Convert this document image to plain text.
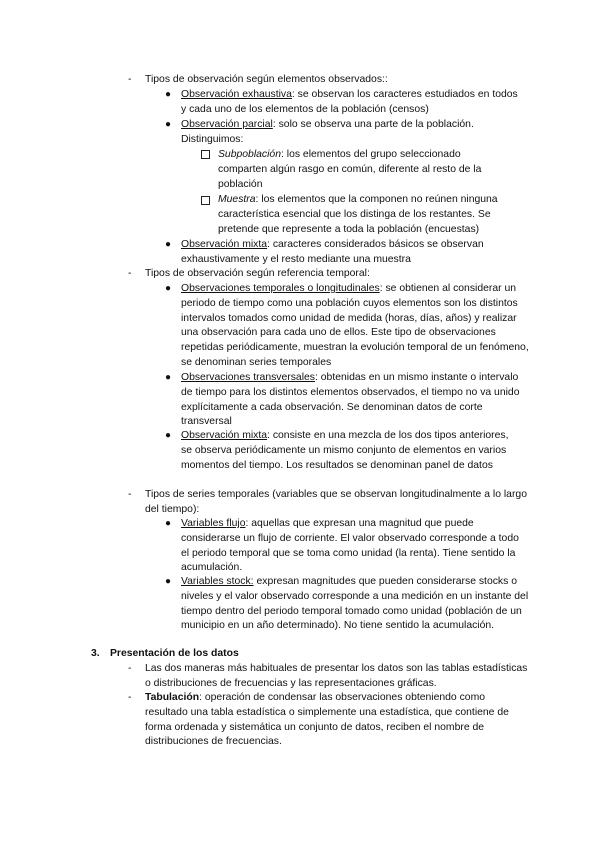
-

Tipos de observación según elementos observados::

● Observación exhaustiva: se observan los caracteres estudiados en todos y cada uno de los elementos de la población (censos)

● Observación parcial: solo se observa una parte de la población. Distinguimos:

Subpoblación: los elementos del grupo seleccionado comparten algún rasgo en común, diferente al resto de la población

Muestra: los elementos que la componen no reúnen ninguna característica esencial que los distinga de los restantes. Se pretende que represente a toda la población (encuestas)

● Observación mixta: caracteres considerados básicos se observan exhaustivamente y el resto mediante una muestra

-

Tipos de observación según referencia temporal:

● Observaciones temporales o longitudinales: se obtienen al considerar un periodo de tiempo como una población cuyos elementos son los distintos intervalos tomados como unidad de medida (horas, días, años) y realizar una observación para cada uno de ellos. Este tipo de observaciones repetidas periódicamente, muestran la evolución temporal de un fenómeno, se denominan series temporales

● Observaciones transversales: obtenidas en un mismo instante o intervalo de tiempo para los distintos elementos observados, el tiempo no va unido explícitamente a cada observación. Se denominan datos de corte transversal

● Observación mixta: consiste en una mezcla de los dos tipos anteriores, se observa periódicamente un mismo conjunto de elementos en varios momentos del tiempo. Los resultados se denominan panel de datos

-

Tipos de series temporales (variables que se observan longitudinalmente a lo largo del tiempo):

● Variables flujo: aquellas que expresan una magnitud que puede considerarse un flujo de corriente. El valor observado corresponde a todo el periodo temporal que se toma como unidad (la renta). Tiene sentido la acumulación.

● Variables stock: expresan magnitudes que pueden considerarse stocks o niveles y el valor observado corresponde a una medición en un instante del tiempo dentro del periodo temporal tomado como unidad (población de un municipio en un año determinado). No tiene sentido la acumulación.

3. Presentación de los datos

-

Las dos maneras más habituales de presentar los datos son las tablas estadísticas o distribuciones de frecuencias y las representaciones gráficas.

-

Tabulación: operación de condensar las observaciones obteniendo como resultado una tabla estadística o simplemente una estadística, que contiene de forma ordenada y sistemática un conjunto de datos, reciben el nombre de distribuciones de frecuencias.
